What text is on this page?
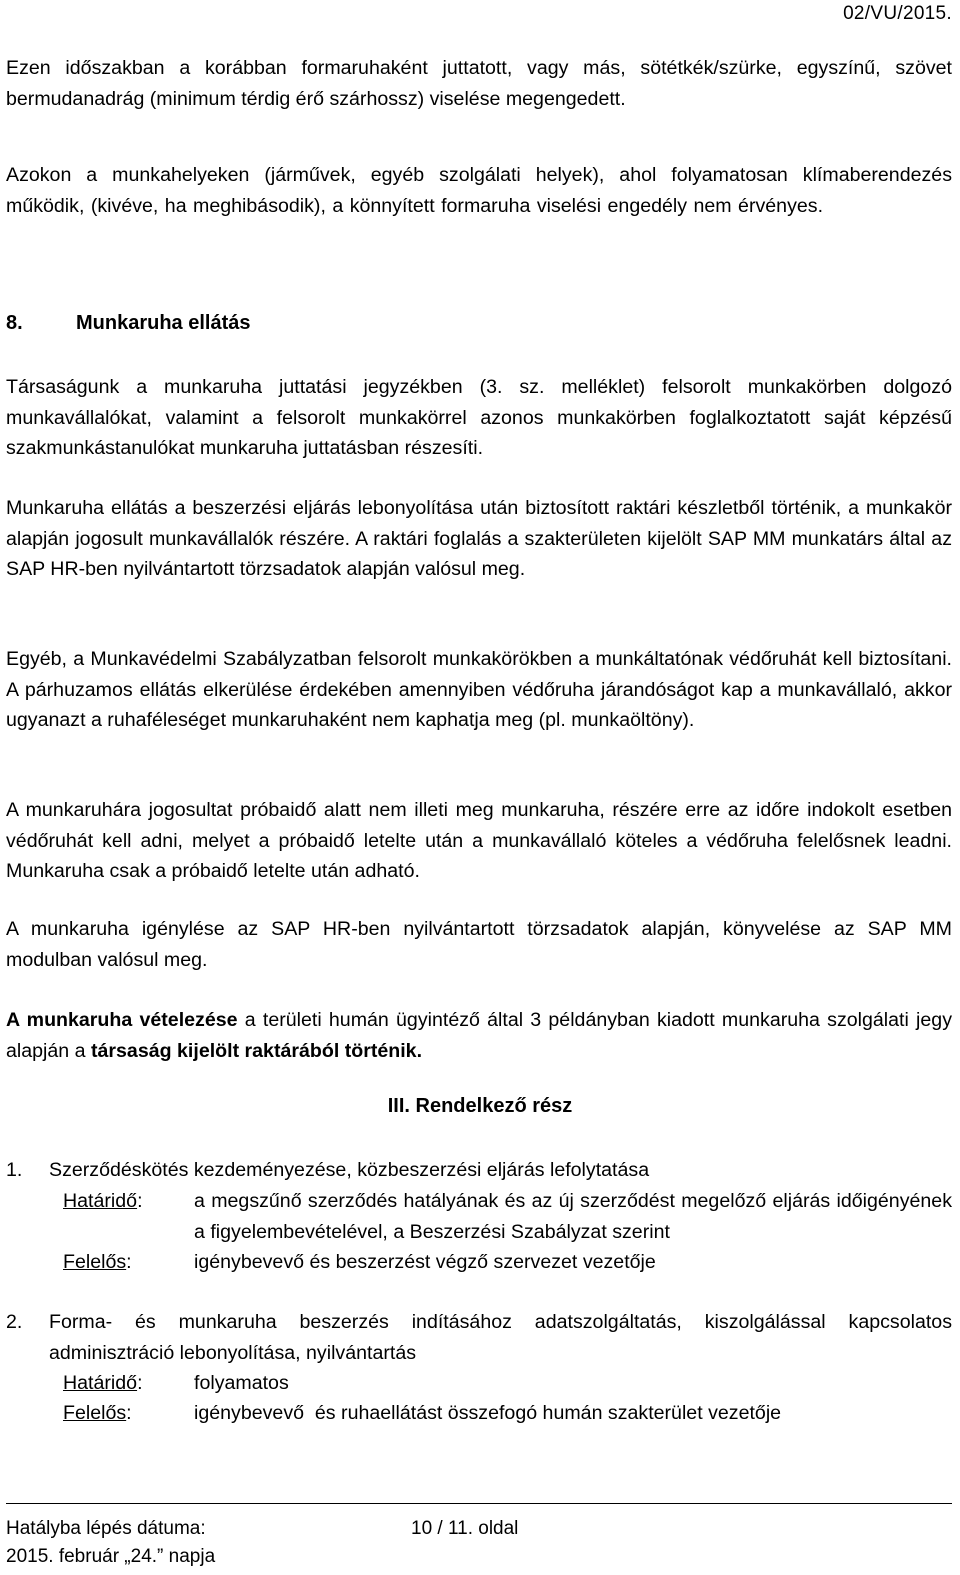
02/VU/2015.

Ezen időszakban a korábban formaruhaként juttatott, vagy más, sötétkék/szürke, egyszínű, szövet bermudanadrág (minimum térdig érő szárhossz) viselése megengedett.

Azokon a munkahelyeken (járművek, egyéb szolgálati helyek), ahol folyamatosan klímaberendezés működik, (kivéve, ha meghibásodik), a könnyített formaruha viselési engedély nem érvényes.

8.	Munkaruha ellátás

Társaságunk a munkaruha juttatási jegyzékben (3. sz. melléklet) felsorolt munkakörben dolgozó munkavállalókat, valamint a felsorolt munkakörrel azonos munkakörben foglalkoztatott saját képzésű szakmunkástanulókat munkaruha juttatásban részesíti.

Munkaruha ellátás a beszerzési eljárás lebonyolítása után biztosított raktári készletből történik, a munkakör alapján jogosult munkavállalók részére. A raktári foglalás a szakterületen kijelölt SAP MM munkatárs által az SAP HR-ben nyilvántartott törzsadatok alapján valósul meg.

Egyéb, a Munkavédelmi Szabályzatban felsorolt munkakörökben a munkáltatónak védőruhát kell biztosítani. A párhuzamos ellátás elkerülése érdekében amennyiben védőruha járandóságot kap a munkavállaló, akkor ugyanazt a ruhaféleséget munkaruhaként nem kaphatja meg (pl. munkaöltöny).

A munkaruhára jogosultat próbaidő alatt nem illeti meg munkaruha, részére erre az időre indokolt esetben védőruhát kell adni, melyet a próbaidő letelte után a munkavállaló köteles a védőruha felelősnek leadni. Munkaruha csak a próbaidő letelte után adható.

A munkaruha igénylése az SAP HR-ben nyilvántartott törzsadatok alapján, könyvelése az SAP MM modulban valósul meg.

A munkaruha vételezése a területi humán ügyintéző által 3 példányban kiadott munkaruha szolgálati jegy alapján a társaság kijelölt raktárából történik.

III. Rendelkező rész
1. Szerződéskötés kezdeményezése, közbeszerzési eljárás lefolytatása
Határidő:	a megszűnő szerződés hatályának és az új szerződést megelőző eljárás időigényének a figyelembevételével, a Beszerzési Szabályzat szerint
Felelős:	igénybevevő és beszerzést végző szervezet vezetője
2. Forma- és munkaruha beszerzés indításához adatszolgáltatás, kiszolgálással kapcsolatos adminisztráció lebonyolítása, nyilvántartás
Határidő:	folyamatos
Felelős:	igénybevevő  és ruhaellátást összefogó humán szakterület vezetője
Hatályba lépés dátuma:	10 / 11. oldal
2015. február „24.” napja
